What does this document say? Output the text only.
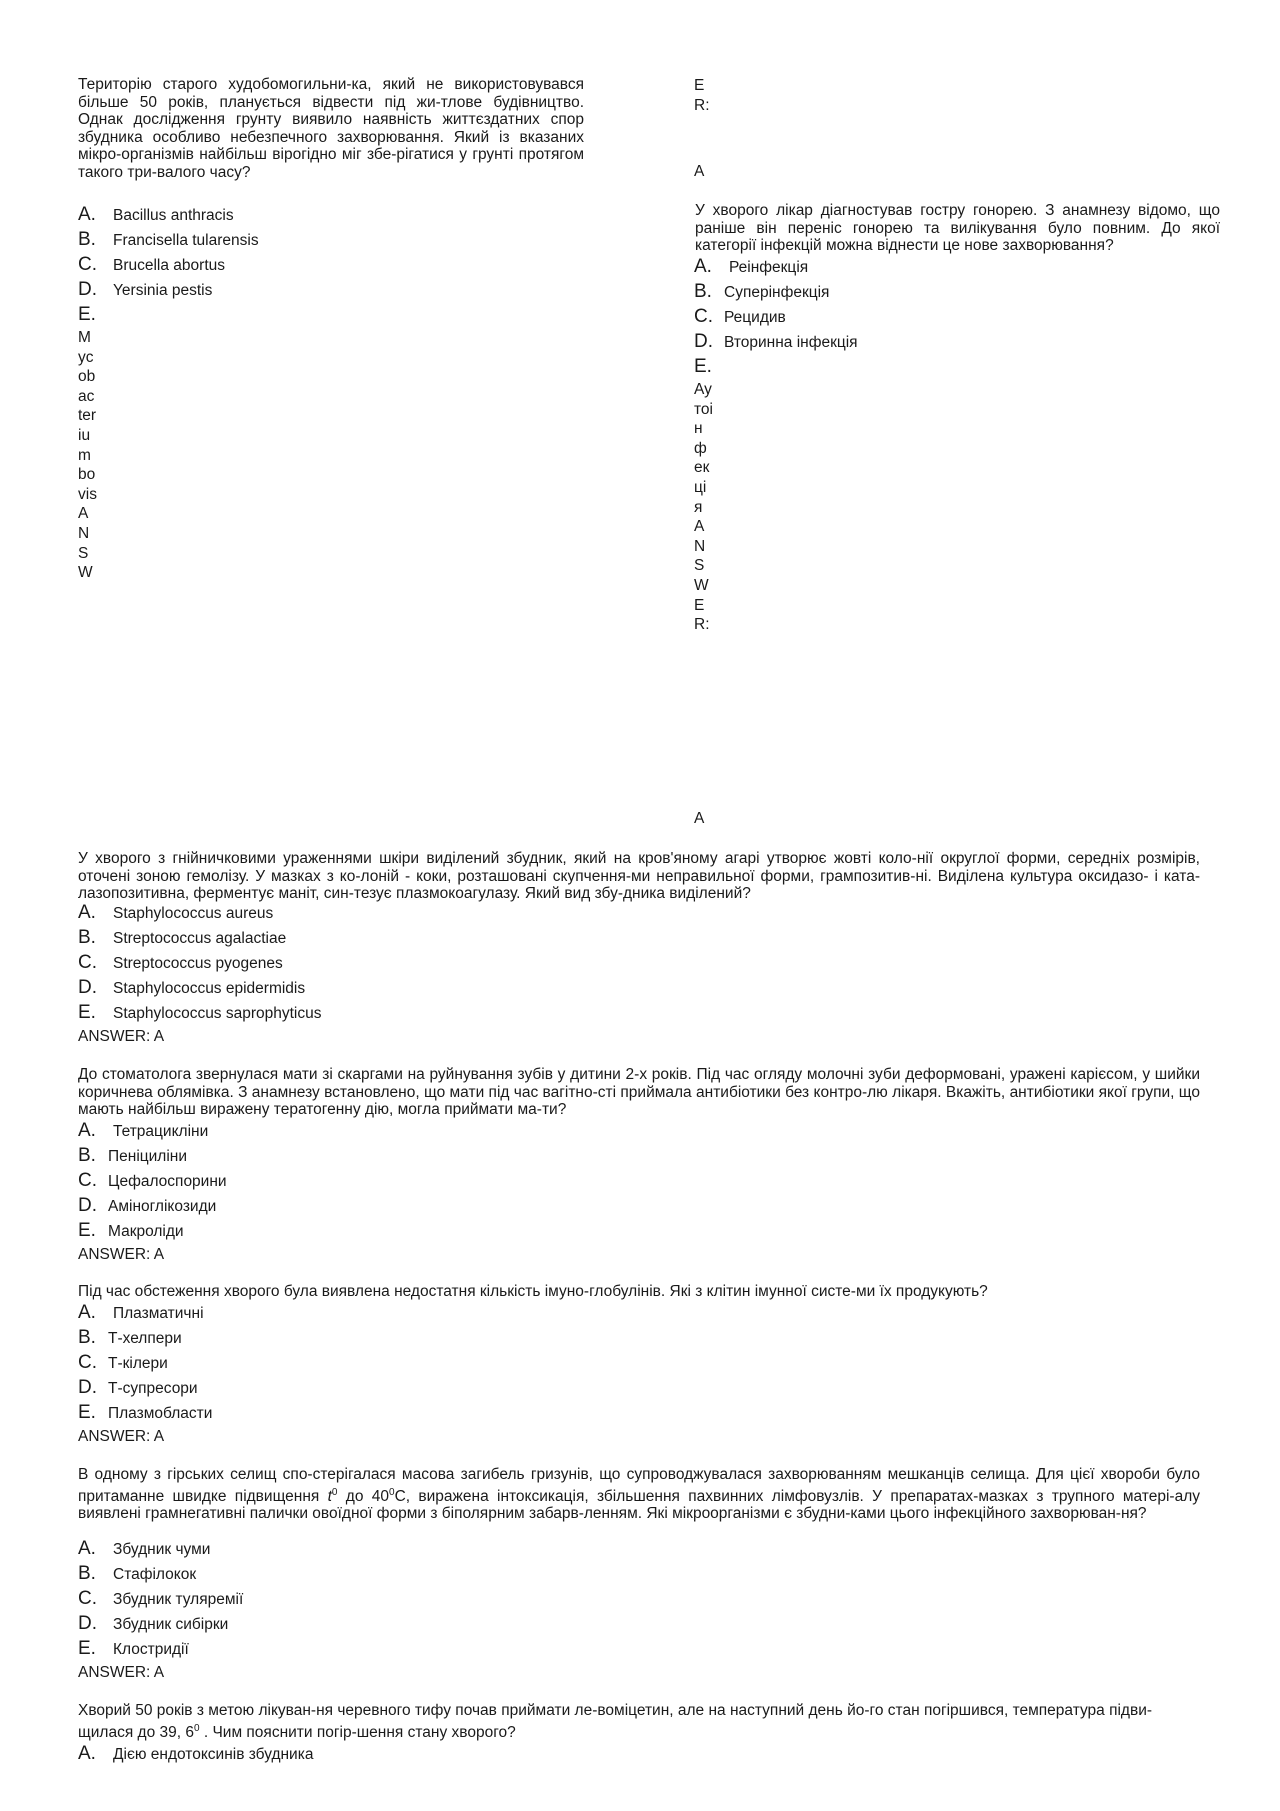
Територію старого худобомогильни-ка, який не використовувався більше 50 років, планується відвести під жи-тлове будівництво. Однак дослідження грунту виявило наявність життєздатних спор збудника особливо небезпечного захворювання. Який із вказаних мікро-організмів найбільш вірогідно міг збе-рігатися у грунті протягом такого три-валого часу?
A.	Bacillus anthracis
B.	Francisella tularensis
C.	Brucella abortus
D.	Yersinia pestis
E.
Mycobacterium bovis ANSW
ER:
A
У хворого лікар діагностував гостру гонорею. З анамнезу відомо, що раніше він переніс гонорею та вилікування було повним. До якої категорії інфекцій можна віднести це нове захворювання?
A.	Реінфекція
B. Суперінфекція
C. Рецидив
D. Вторинна інфекція
E.
Аутоінфекція ANSWER:
A
У хворого з гнійничковими ураженнями шкіри виділений збудник, який на кров'яному агарі утворює жовті коло-нії округлої форми, середніх розмірів, оточені зоною гемолізу. У мазках з ко-лоній - коки, розташовані скупчення-ми неправильної форми, грампозитив-ні. Виділена культура оксидазо- і ката-лазопозитивна, ферментує маніт, син-тезує плазмокоагулазу. Який вид збу-дника виділений?
A.	Staphylococcus aureus
B.	Streptococcus agalactiae
C.	Streptococcus pyogenes
D.	Staphylococcus epidermidis
E.	Staphylococcus saprophyticus
ANSWER: A
До стоматолога звернулася мати зі скаргами на руйнування зубів у дитини 2-х років. Під час огляду молочні зуби деформовані, уражені карієсом, у шийки коричнева облямівка. З анамнезу встановлено, що мати під час вагітно-сті приймала антибіотики без контро-лю лікаря. Вкажіть, антибіотики якої групи, що мають найбільш виражену тератогенну дію, могла приймати ма-ти?
A.	Тетрацикліни
B. Пеніциліни
C. Цефалоспорини
D. Аміноглікозиди
E. Макроліди
ANSWER: A
Під час обстеження хворого була виявлена недостатня кількість імуно-глобулінів. Які з клітин імунної систе-ми їх продукують?
A.	Плазматичні
B. Т-хелпери
C. Т-кілери
D. Т-супресори
E. Плазмобласти
ANSWER: A
В одному з гірських селищ спо-стерігалася масова загибель гризунів, що супроводжувалася захворюванням мешканців селища. Для цієї хвороби було притаманне швидке підвищення $t^0$ до $40^0С$, виражена інтоксикація, збільшення пахвинних лімфовузлів. У препаратах-мазках з трупного матері-алу виявлені грамнегативні палички овоїдної форми з біполярним забарв-ленням. Які мікроорганізми є збудни-ками цього інфекційного захворюван-ня?
A.	Збудник чуми
B.	Стафілокок
C.	Збудник туляремії
D.	Збудник сибірки
E.	Клостридії
ANSWER: A
Хворий 50 років з метою лікуван-ня черевного тифу почав приймати ле-воміцетин, але на наступний день йо-го стан погіршився, температура підви-щилася до 39, $6^0$ . Чим пояснити погір-шення стану хворого?
A.	Дією ендотоксинів збудника
